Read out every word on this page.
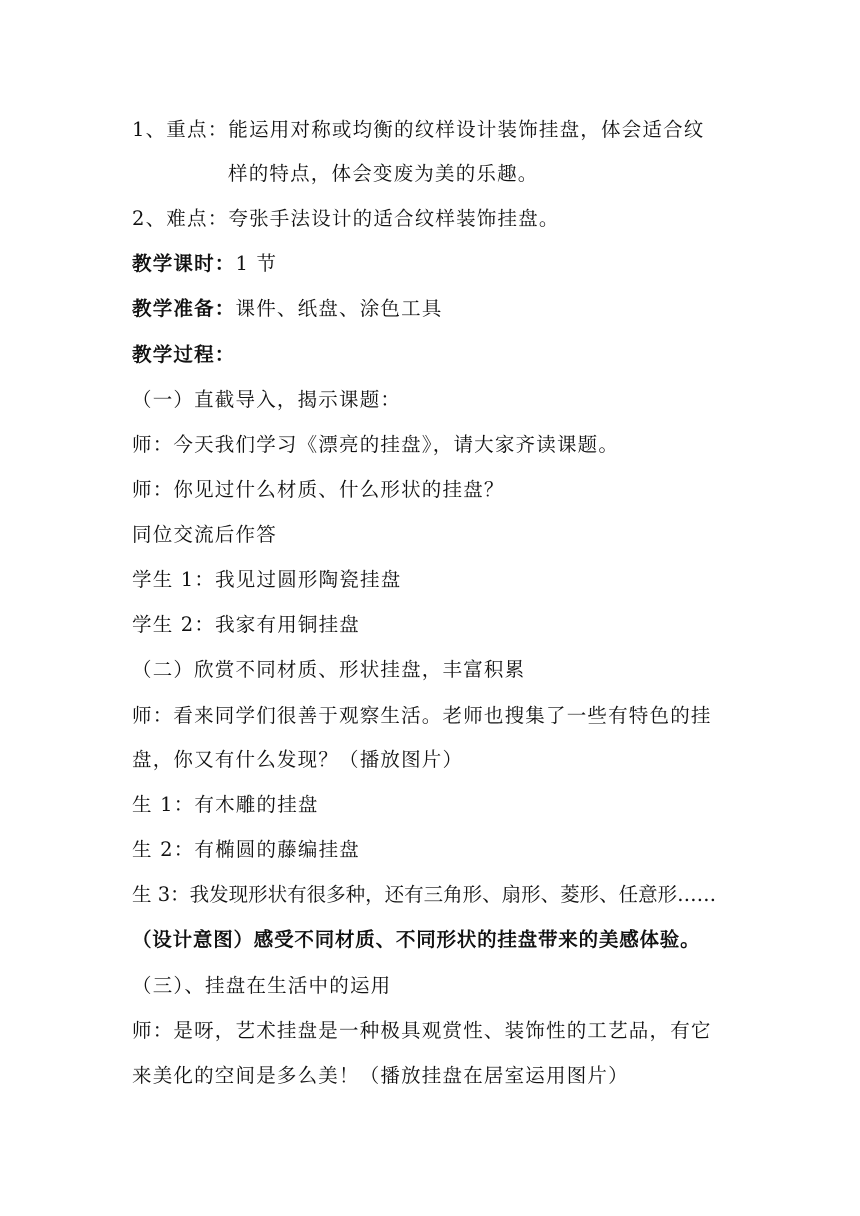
1、重点：能运用对称或均衡的纹样设计装饰挂盘，体会适合纹
样的特点，体会变废为美的乐趣。
2、难点：夸张手法设计的适合纹样装饰挂盘。
教学课时：1 节
教学准备：课件、纸盘、涂色工具
教学过程：
（一）直截导入，揭示课题：
师：今天我们学习《漂亮的挂盘》，请大家齐读课题。
师：你见过什么材质、什么形状的挂盘？
同位交流后作答
学生 1：我见过圆形陶瓷挂盘
学生 2：我家有用铜挂盘
（二）欣赏不同材质、形状挂盘，丰富积累
师：看来同学们很善于观察生活。老师也搜集了一些有特色的挂
盘，你又有什么发现？（播放图片）
生 1：有木雕的挂盘
生 2：有椭圆的藤编挂盘
生 3：我发现形状有很多种，还有三角形、扇形、菱形、任意形……
（设计意图）感受不同材质、不同形状的挂盘带来的美感体验。
（三）、挂盘在生活中的运用
师：是呀，艺术挂盘是一种极具观赏性、装饰性的工艺品，有它
来美化的空间是多么美！（播放挂盘在居室运用图片）
